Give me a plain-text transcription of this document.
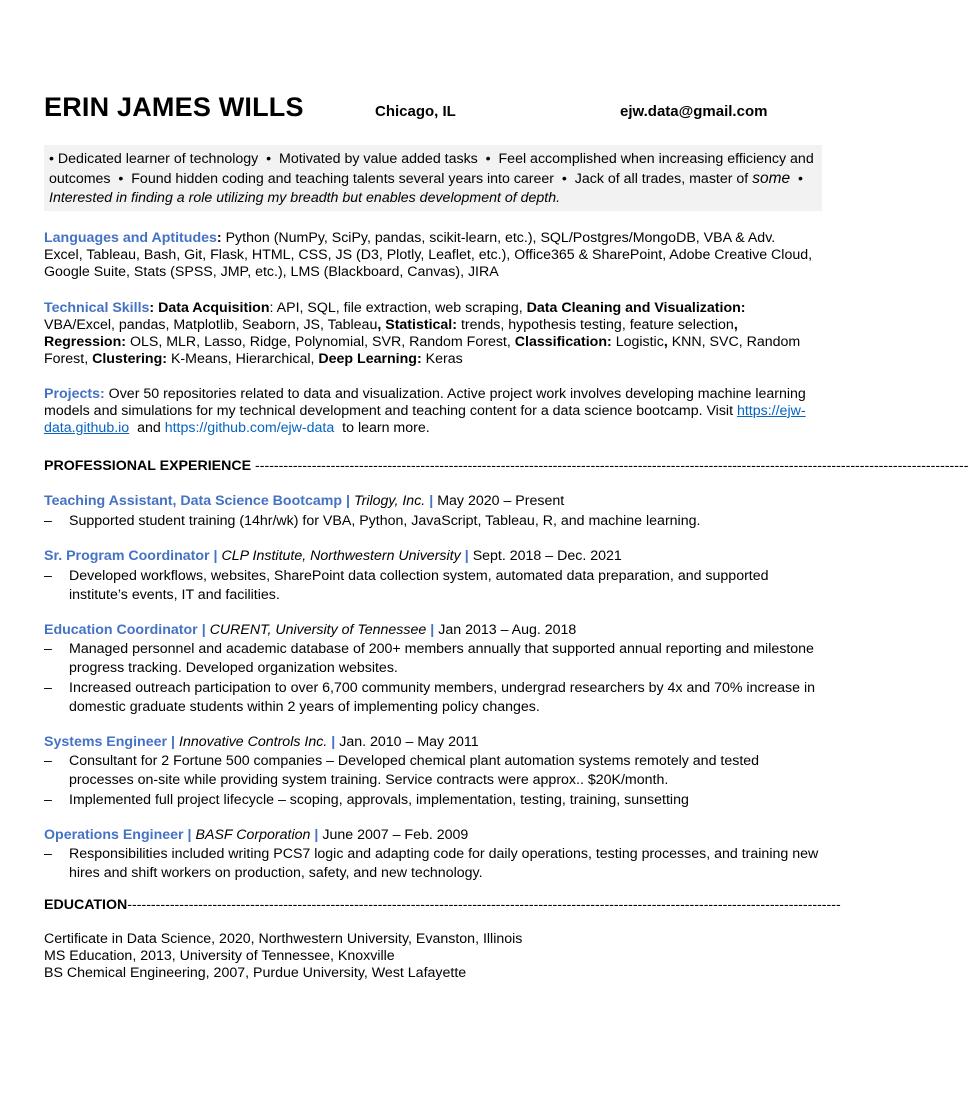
ERIN JAMES WILLS	Chicago, IL	ejw.data@gmail.com
• Dedicated learner of technology • Motivated by value added tasks • Feel accomplished when increasing efficiency and outcomes • Found hidden coding and teaching talents several years into career • Jack of all trades, master of some •  Interested in finding a role utilizing my breadth but enables development of depth.
Languages and Aptitudes: Python (NumPy, SciPy, pandas, scikit-learn, etc.), SQL/Postgres/MongoDB, VBA & Adv. Excel, Tableau, Bash, Git, Flask, HTML, CSS, JS (D3, Plotly, Leaflet, etc.), Office365 & SharePoint, Adobe Creative Cloud, Google Suite, Stats (SPSS, JMP, etc.), LMS (Blackboard, Canvas), JIRA
Technical Skills: Data Acquisition: API, SQL, file extraction, web scraping, Data Cleaning and Visualization: VBA/Excel, pandas, Matplotlib, Seaborn, JS, Tableau, Statistical: trends, hypothesis testing, feature selection, Regression: OLS, MLR, Lasso, Ridge, Polynomial, SVR, Random Forest, Classification: Logistic, KNN, SVC, Random Forest, Clustering: K-Means, Hierarchical, Deep Learning: Keras
Projects: Over 50 repositories related to data and visualization. Active project work involves developing machine learning models and simulations for my technical development and teaching content for a data science bootcamp. Visit https://ejw-data.github.io and https://github.com/ejw-data to learn more.
PROFESSIONAL EXPERIENCE -------------------------------------------------------------------------------------------------------------------------------------------------------
Teaching Assistant, Data Science Bootcamp | Trilogy, Inc. | May 2020 – Present
–	Supported student training (14hr/wk) for VBA, Python, JavaScript, Tableau, R, and machine learning.
Sr. Program Coordinator | CLP Institute, Northwestern University | Sept. 2018 – Dec. 2021
–	Developed workflows, websites, SharePoint data collection system, automated data preparation, and supported institute’s events, IT and facilities.
Education Coordinator | CURENT, University of Tennessee | Jan 2013 – Aug. 2018
–	Managed personnel and academic database of 200+ members annually that supported annual reporting and milestone progress tracking. Developed organization websites.
–	Increased outreach participation to over 6,700 community members, undergrad researchers by 4x and 70% increase in domestic graduate students within 2 years of implementing policy changes.
Systems Engineer | Innovative Controls Inc. | Jan. 2010 – May 2011
–	Consultant for 2 Fortune 500 companies – Developed chemical plant automation systems remotely and tested processes on-site while providing system training. Service contracts were approx.. $20K/month.
–	Implemented full project lifecycle – scoping, approvals, implementation, testing, training, sunsetting
Operations Engineer | BASF Corporation | June 2007 – Feb. 2009
–	Responsibilities included writing PCS7 logic and adapting code for daily operations, testing processes, and training new hires and shift workers on production, safety, and new technology.
EDUCATION-------------------------------------------------------------------------------------------------------------------------------------------------------
Certificate in Data Science, 2020, Northwestern University, Evanston, Illinois
MS Education, 2013, University of Tennessee, Knoxville
BS Chemical Engineering, 2007, Purdue University, West Lafayette
